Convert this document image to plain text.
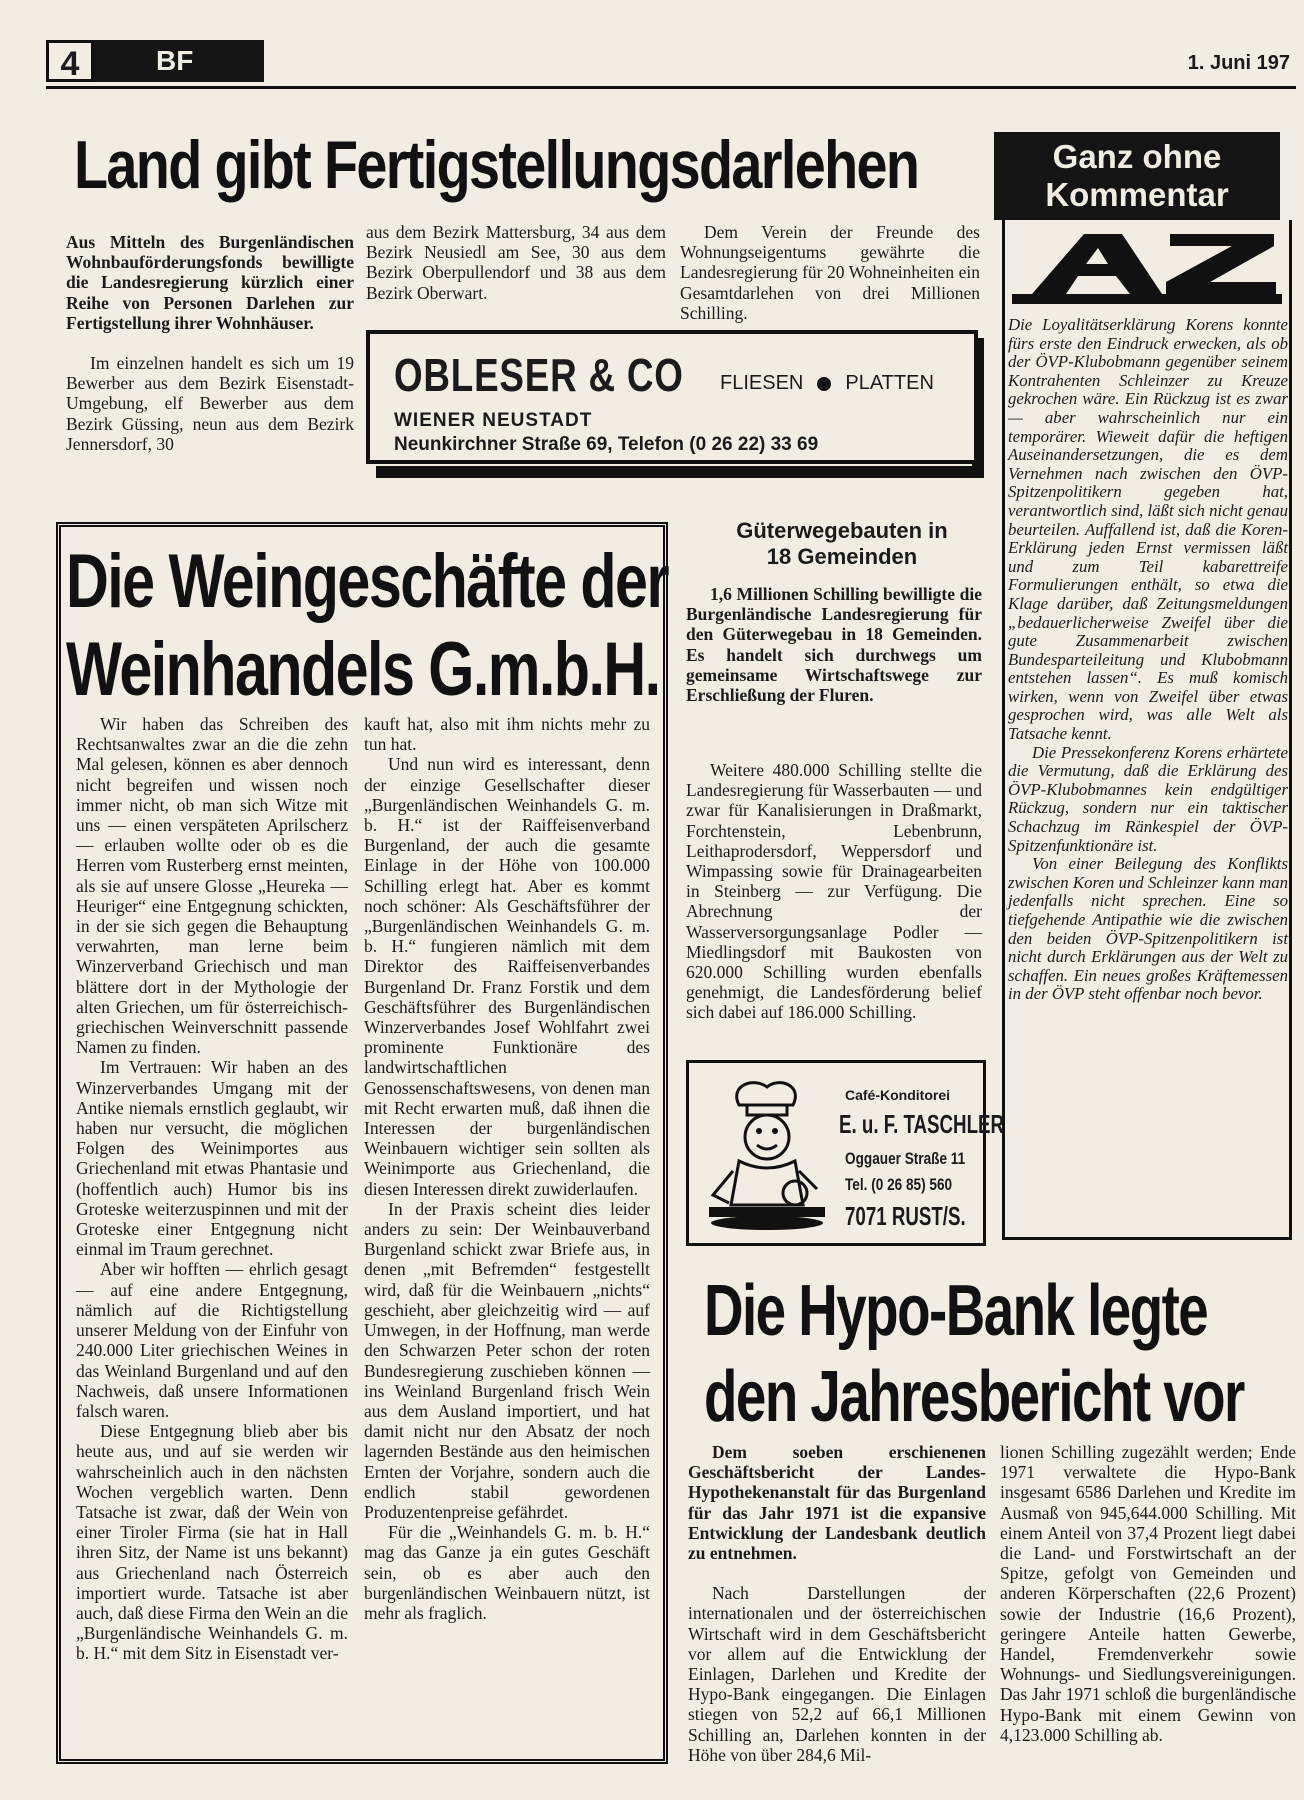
4	BF	1. Juni 197
Land gibt Fertigstellungsdarlehen

Aus Mitteln des Burgenländischen Wohnbauförderungsfonds bewilligte die Landesregierung kürzlich einer Reihe von Personen Darlehen zur Fertigstellung ihrer Wohnhäuser.

Im einzelnen handelt es sich um 19 Bewerber aus dem Bezirk Eisenstadt-Umgebung, elf Bewerber aus dem Bezirk Güssing, neun aus dem Bezirk Jennersdorf, 30

aus dem Bezirk Mattersburg, 34 aus dem Bezirk Neusiedl am See, 30 aus dem Bezirk Oberpullendorf und 38 aus dem Bezirk Oberwart.

Dem Verein der Freunde des Wohnungseigentums gewährte die Landesregierung für 20 Wohneinheiten ein Gesamtdarlehen von drei Millionen Schilling.

OBLESER & CO FLIESEN PLATTEN
WIENER NEUSTADT
Neunkirchner Straße 69, Telefon (0 26 22) 33 69
Ganz ohne
Kommentar
AZ

Die Loyalitätserklärung Korens konnte fürs erste den Eindruck erwecken, als ob der ÖVP-Klubobmann gegenüber seinem Kontrahenten Schleinzer zu Kreuze gekrochen wäre. Ein Rückzug ist es zwar — aber wahrscheinlich nur ein temporärer. Wieweit dafür die heftigen Auseinandersetzungen, die es dem Vernehmen nach zwischen den ÖVP-Spitzenpolitikern gegeben hat, verantwortlich sind, läßt sich nicht genau beurteilen. Auffallend ist, daß die Koren-Erklärung jeden Ernst vermissen läßt und zum Teil kabarettreife Formulierungen enthält, so etwa die Klage darüber, daß Zeitungsmeldungen „bedauerlicherweise Zweifel über die gute Zusammenarbeit zwischen Bundesparteileitung und Klubobmann entstehen lassen“. Es muß komisch wirken, wenn von Zweifel über etwas gesprochen wird, was alle Welt als Tatsache kennt.

Die Pressekonferenz Korens erhärtete die Vermutung, daß die Erklärung des ÖVP-Klubobmannes kein endgültiger Rückzug, sondern nur ein taktischer Schachzug im Ränkespiel der ÖVP-Spitzenfunktionäre ist.

Von einer Beilegung des Konflikts zwischen Koren und Schleinzer kann man jedenfalls nicht sprechen. Eine so tiefgehende Antipathie wie die zwischen den beiden ÖVP-Spitzenpolitikern ist nicht durch Erklärungen aus der Welt zu schaffen. Ein neues großes Kräftemessen in der ÖVP steht offenbar noch bevor.

Die Weingeschäfte der
Weinhandels G.m.b.H.

Wir haben das Schreiben des Rechtsanwaltes zwar an die die zehn Mal gelesen, können es aber dennoch nicht begreifen und wissen noch immer nicht, ob man sich Witze mit uns — einen verspäteten Aprilscherz — erlauben wollte oder ob es die Herren vom Rusterberg ernst meinten, als sie auf unsere Glosse „Heureka — Heuriger“ eine Entgegnung schickten, in der sie sich gegen die Behauptung verwahrten, man lerne beim Winzerverband Griechisch und man blättere dort in der Mythologie der alten Griechen, um für österreichisch-griechischen Weinverschnitt passende Namen zu finden.

Im Vertrauen: Wir haben an des Winzerverbandes Umgang mit der Antike niemals ernstlich geglaubt, wir haben nur versucht, die möglichen Folgen des Weinimportes aus Griechenland mit etwas Phantasie und (hoffentlich auch) Humor bis ins Groteske weiterzuspinnen und mit der Groteske einer Entgegnung nicht einmal im Traum gerechnet.

Aber wir hofften — ehrlich gesagt — auf eine andere Entgegnung, nämlich auf die Richtigstellung unserer Meldung von der Einfuhr von 240.000 Liter griechischen Weines in das Weinland Burgenland und auf den Nachweis, daß unsere Informationen falsch waren.

Diese Entgegnung blieb aber bis heute aus, und auf sie werden wir wahrscheinlich auch in den nächsten Wochen vergeblich warten. Denn Tatsache ist zwar, daß der Wein von einer Tiroler Firma (sie hat in Hall ihren Sitz, der Name ist uns bekannt) aus Griechenland nach Österreich importiert wurde. Tatsache ist aber auch, daß diese Firma den Wein an die „Burgenländische Weinhandels G. m. b. H.“ mit dem Sitz in Eisenstadt ver-

kauft hat, also mit ihm nichts mehr zu tun hat.

Und nun wird es interessant, denn der einzige Gesellschafter dieser „Burgenländischen Weinhandels G. m. b. H.“ ist der Raiffeisenverband Burgenland, der auch die gesamte Einlage in der Höhe von 100.000 Schilling erlegt hat. Aber es kommt noch schöner: Als Geschäftsführer der „Burgenländischen Weinhandels G. m. b. H.“ fungieren nämlich mit dem Direktor des Raiffeisenverbandes Burgenland Dr. Franz Forstik und dem Geschäftsführer des Burgenländischen Winzerverbandes Josef Wohlfahrt zwei prominente Funktionäre des landwirtschaftlichen Genossenschaftswesens, von denen man mit Recht erwarten muß, daß ihnen die Interessen der burgenländischen Weinbauern wichtiger sein sollten als Weinimporte aus Griechenland, die diesen Interessen direkt zuwiderlaufen.

In der Praxis scheint dies leider anders zu sein: Der Weinbauverband Burgenland schickt zwar Briefe aus, in denen „mit Befremden“ festgestellt wird, daß für die Weinbauern „nichts“ geschieht, aber gleichzeitig wird — auf Umwegen, in der Hoffnung, man werde den Schwarzen Peter schon der roten Bundesregierung zuschieben können — ins Weinland Burgenland frisch Wein aus dem Ausland importiert, und hat damit nicht nur den Absatz der noch lagernden Bestände aus den heimischen Ernten der Vorjahre, sondern auch die endlich stabil gewordenen Produzentenpreise gefährdet.

Für die „Weinhandels G. m. b. H.“ mag das Ganze ja ein gutes Geschäft sein, ob es aber auch den burgenländischen Weinbauern nützt, ist mehr als fraglich.

Güterwegebauten in
18 Gemeinden
1,6 Millionen Schilling bewilligte die Burgenländische Landesregierung für den Güterwegebau in 18 Gemeinden. Es handelt sich durchwegs um gemeinsame Wirtschaftswege zur Erschließung der Fluren.
Weitere 480.000 Schilling stellte die Landesregierung für Wasserbauten — und zwar für Kanalisierungen in Draßmarkt, Forchtenstein, Lebenbrunn, Leithaprodersdorf, Weppersdorf und Wimpassing sowie für Drainagearbeiten in Steinberg — zur Verfügung. Die Abrechnung der Wasserversorgungsanlage Podler — Miedlingsdorf mit Baukosten von 620.000 Schilling wurden ebenfalls genehmigt, die Landesförderung belief sich dabei auf 186.000 Schilling.
Café-Konditorei
E. u. F. TASCHLER
Oggauer Straße 11
Tel. (0 26 85) 560
7071 RUST/S.
Die Hypo-Bank legte
den Jahresbericht vor

Dem soeben erschienenen Geschäftsbericht der Landes-Hypothekenanstalt für das Burgenland für das Jahr 1971 ist die expansive Entwicklung der Landesbank deutlich zu entnehmen.

Nach Darstellungen der internationalen und der österreichischen Wirtschaft wird in dem Geschäftsbericht vor allem auf die Entwicklung der Einlagen, Darlehen und Kredite der Hypo-Bank eingegangen. Die Einlagen stiegen von 52,2 auf 66,1 Millionen Schilling an, Darlehen konnten in der Höhe von über 284,6 Mil-

lionen Schilling zugezählt werden; Ende 1971 verwaltete die Hypo-Bank insgesamt 6586 Darlehen und Kredite im Ausmaß von 945,644.000 Schilling. Mit einem Anteil von 37,4 Prozent liegt dabei die Land- und Forstwirtschaft an der Spitze, gefolgt von Gemeinden und anderen Körperschaften (22,6 Prozent) sowie der Industrie (16,6 Prozent), geringere Anteile hatten Gewerbe, Handel, Fremdenverkehr sowie Wohnungs- und Siedlungsvereinigungen. Das Jahr 1971 schloß die burgenländische Hypo-Bank mit einem Gewinn von 4,123.000 Schilling ab.
